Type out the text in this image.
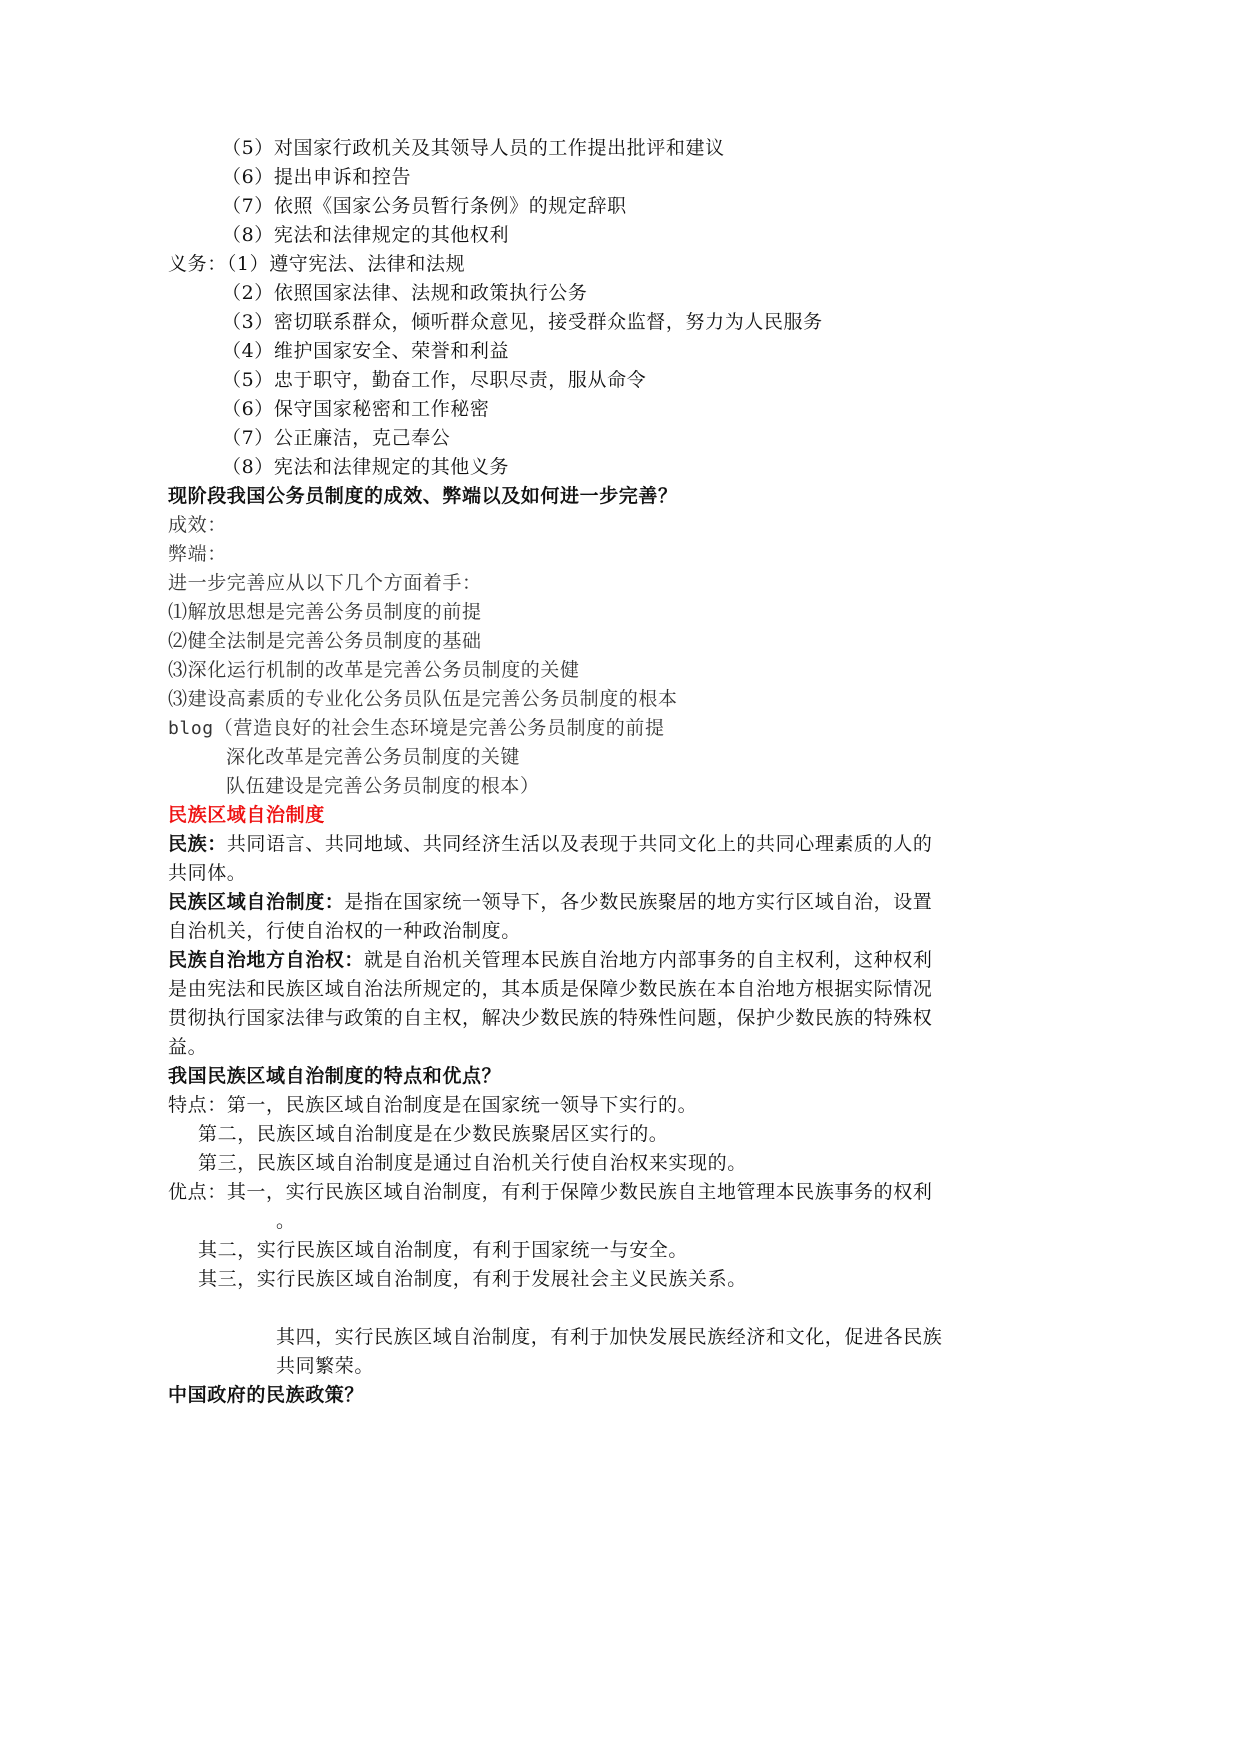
（5）对国家行政机关及其领导人员的工作提出批评和建议
（6）提出申诉和控告
（7）依照《国家公务员暂行条例》的规定辞职
（8）宪法和法律规定的其他权利
义务：（1）遵守宪法、法律和法规
（2）依照国家法律、法规和政策执行公务
（3）密切联系群众，倾听群众意见，接受群众监督，努力为人民服务
（4）维护国家安全、荣誉和利益
（5）忠于职守，勤奋工作，尽职尽责，服从命令
（6）保守国家秘密和工作秘密
（7）公正廉洁，克己奉公
（8）宪法和法律规定的其他义务
现阶段我国公务员制度的成效、弊端以及如何进一步完善？
成效：
弊端：
进一步完善应从以下几个方面着手：
⑴解放思想是完善公务员制度的前提
⑵健全法制是完善公务员制度的基础
⑶深化运行机制的改革是完善公务员制度的关健
⑶建设高素质的专业化公务员队伍是完善公务员制度的根本
blog（营造良好的社会生态环境是完善公务员制度的前提
深化改革是完善公务员制度的关键
队伍建设是完善公务员制度的根本）
民族区域自治制度
民族：共同语言、共同地域、共同经济生活以及表现于共同文化上的共同心理素质的人的
共同体。
民族区域自治制度：是指在国家统一领导下，各少数民族聚居的地方实行区域自治，设置
自治机关，行使自治权的一种政治制度。
民族自治地方自治权：就是自治机关管理本民族自治地方内部事务的自主权利，这种权利
是由宪法和民族区域自治法所规定的，其本质是保障少数民族在本自治地方根据实际情况
贯彻执行国家法律与政策的自主权，解决少数民族的特殊性问题，保护少数民族的特殊权
益。
我国民族区域自治制度的特点和优点？
特点：第一，民族区域自治制度是在国家统一领导下实行的。
第二，民族区域自治制度是在少数民族聚居区实行的。
第三，民族区域自治制度是通过自治机关行使自治权来实现的。
优点：其一，实行民族区域自治制度，有利于保障少数民族自主地管理本民族事务的权利
。
其二，实行民族区域自治制度，有利于国家统一与安全。
其三，实行民族区域自治制度，有利于发展社会主义民族关系。
其四，实行民族区域自治制度，有利于加快发展民族经济和文化，促进各民族
共同繁荣。
中国政府的民族政策？
